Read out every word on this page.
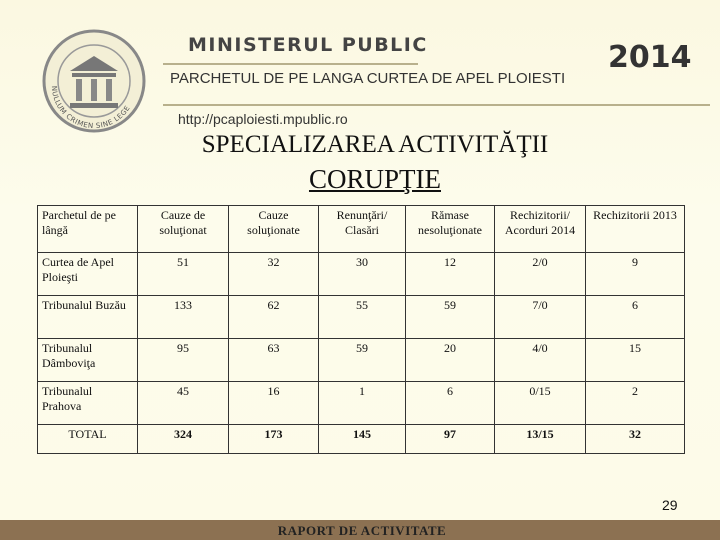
NULLUM CRIMEN SINE LEGE
MINISTERUL PUBLIC
PARCHETUL DE PE LANGA CURTEA DE APEL PLOIESTI
2014
http://pcaploiesti.mpublic.ro
SPECIALIZAREA ACTIVITĂŢII
CORUPŢIE
Parchetul de pe lângă	Cauze de soluţionat	Cauze soluţionate	Renunţări/ Clasări	Rămase nesoluţionate	Rechizitorii/ Acorduri 2014	Rechizitorii 2013
Curtea de Apel Ploieşti	51	32	30	12	2/0	9
Tribunalul Buzău	133	62	55	59	7/0	6
Tribunalul Dâmboviţa	95	63	59	20	4/0	15
Tribunalul Prahova	45	16	1	6	0/15	2
TOTAL	324	173	145	97	13/15	32
29
RAPORT DE ACTIVITATE
